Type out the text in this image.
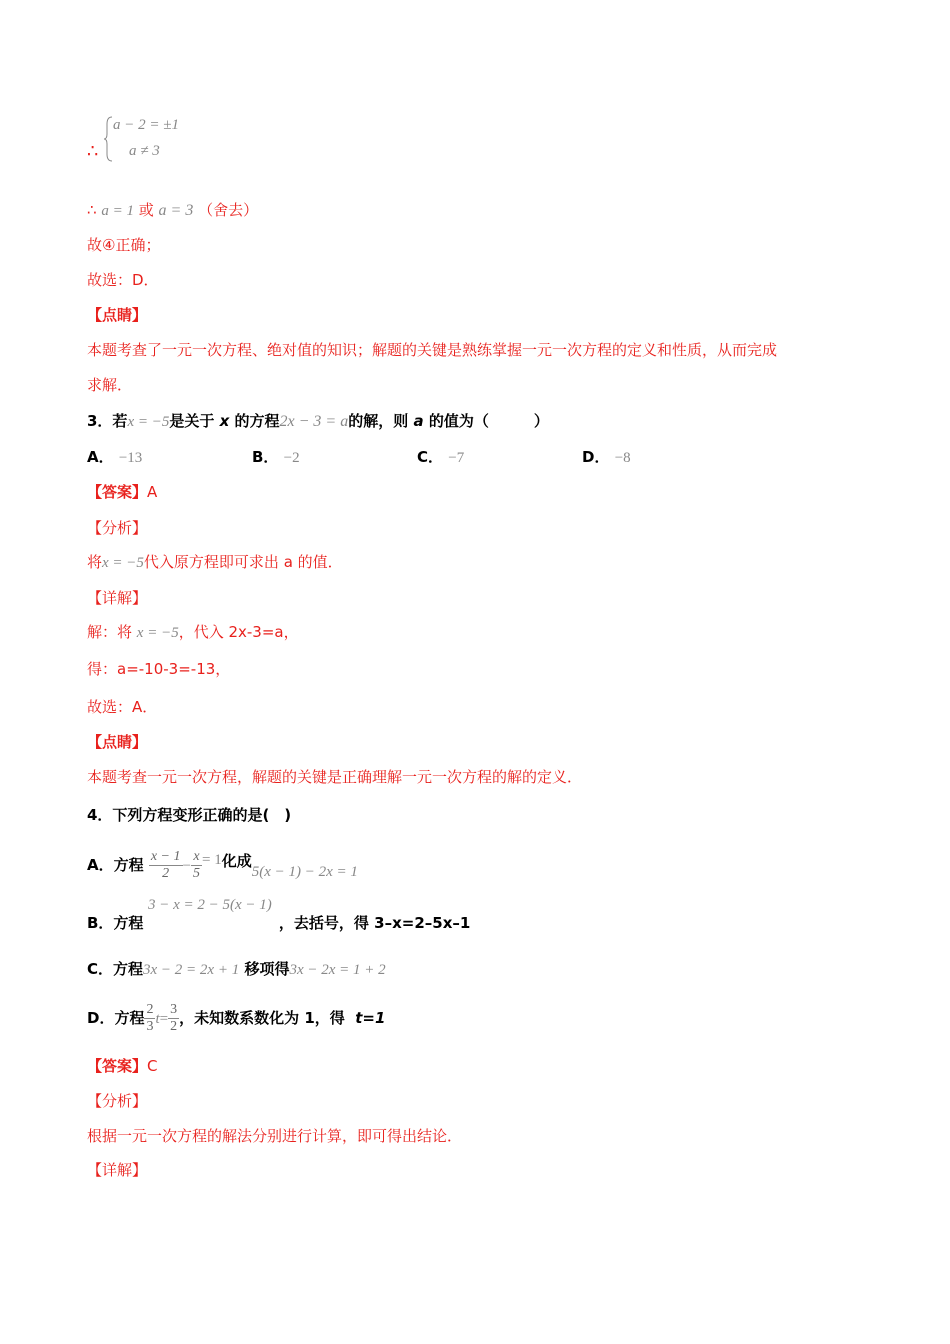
∴
a − 2 = ±1
a ≠ 3
∴ a = 1 或 a = 3 （舍去）
故④正确；
故选：D．
【点睛】
本题考查了一元一次方程、绝对值的知识；解题的关键是熟练掌握一元一次方程的定义和性质，从而完成
求解．
3．若x = −5是关于 x 的方程2x − 3 = a的解，则 a 的值为（　　　）
A． −13	B． −2	C． −7	D． −8
【答案】A
【分析】
将x = −5代入原方程即可求出 a 的值．
【详解】
解：将 x = −5，代入 2x-3=a，
得：a=-10-3=-13，
故选：A．
【点睛】
本题考查一元一次方程，解题的关键是正确理解一元一次方程的解的定义．
4．下列方程变形正确的是(　)
A．方程 $\frac{x - 1}{2} - \frac{x}{5} = 1$化成5(x − 1) − 2x = 1
3 − x = 2 − 5(x − 1)
B．方程	，去括号，得 3–x=2–5x–1
C．方程3x − 2 = 2x + 1 移项得3x − 2x = 1 + 2
D．方程 $\frac{2}{3} t= \frac{3}{2}$ ，未知数系数化为 1，得 t=1
【答案】C
【分析】
根据一元一次方程的解法分别进行计算，即可得出结论．
【详解】
